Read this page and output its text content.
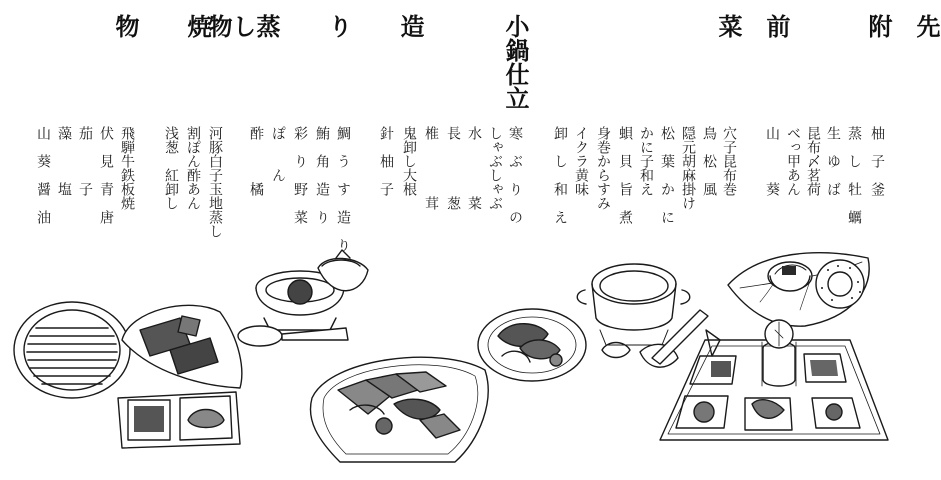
先

附
柚　子　釜
蒸　し　牡　蠣
生　ゆ　ば
昆布〆茗荷
べっ甲あん
山　　　葵
前

菜
穴子昆布巻
鳥　松　風
隠元胡麻掛け
松　葉　か　に
かに子和え
蛽　貝　旨　煮
身巻からすみ
イクラ黄味
卸　し　和　え
小鍋仕立
寒　ぶ　り　の
しゃぶしゃぶ
水　　　　菜
長　　　　葱
椎　　　　茸
鬼卸し大根
針　柚　子
造

り
鯛　う　す　造　り
鮪　角　造　り
彩　り　野　菜
ぽ　　ん
酢　　　橘
蒸
し
物
河豚白子玉地蒸し
割ぽん酢あん
浅葱　紅卸し
焼

物
飛騨牛鉄板焼
伏　見　青　唐
茄　　　子
藻　　　塩
山　葵　醤　油
